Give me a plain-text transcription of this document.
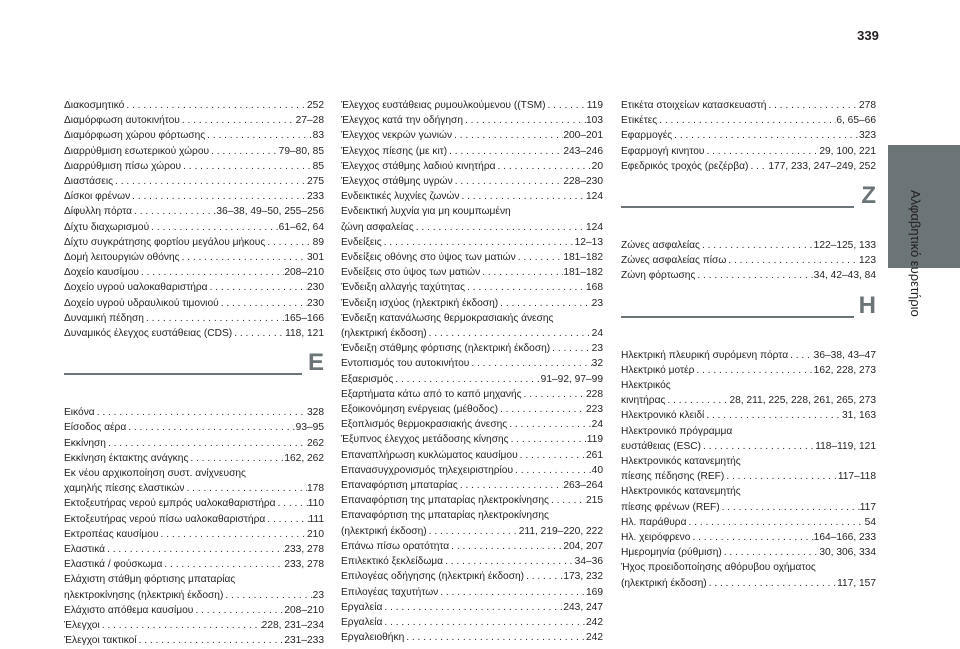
339
Αλφαβητικό ευρετήριο
Διακοσμητικό . . .	252
Διαμόρφωση αυτοκινήτου . . .	27–28
Διαμόρφωση χώρου φόρτωσης . . .	83
Διαρρύθμιση εσωτερικού χώρου . . .	79–80, 85
Διαρρύθμιση πίσω χώρου . . .	85
Διαστάσεις . . .	275
Δίσκοι φρένων . . .	233
Δίφυλλη πόρτα . . .	36–38, 49–50, 255–256
Δίχτυ διαχωρισμού . . .	61–62, 64
Δίχτυ συγκράτησης φορτίου μεγάλου μήκους . . .	89
Δομή λειτουργιών οθόνης . . .	301
Δοχείο καυσίμου . . .	208–210
Δοχείο υγρού υαλοκαθαριστήρα . . .	230
Δοχείο υγρού υδραυλικού τιμονιού . . .	230
Δυναμική πέδηση . . .	165–166
Δυναμικός έλεγχος ευστάθειας (CDS) . . .	118, 121
E
Εικόνα . . .	328
Είσοδος αέρα . . .	93–95
Εκκίνηση . . .	262
Εκκίνηση έκτακτης ανάγκης . . .	162, 262
Εκ νέου αρχικοποίηση συστ. ανίχνευσης
χαμηλής πίεσης ελαστικών . . .	178
Εκτοξευτήρας νερού εμπρός υαλοκαθαριστήρα . . .	110
Εκτοξευτήρας νερού πίσω υαλοκαθαριστήρα . . .	111
Εκτροπέας καυσίμου . . .	210
Ελαστικά . . .	233, 278
Ελαστικά / φούσκωμα . . .	233, 278
Ελάχιστη στάθμη φόρτισης μπαταρίας
ηλεκτροκίνησης (ηλεκτρική έκδοση) . . .	23
Ελάχιστο απόθεμα καυσίμου . . .	208–210
Έλεγχοι . . .	228, 231–234
Έλεγχοι τακτικοί . . .	231–233
Έλεγχος ευστάθειας ρυμουλκούμενου ((TSM) . . .	119
Έλεγχος κατά την οδήγηση . . .	103
Έλεγχος νεκρών γωνιών . . .	200–201
Έλεγχος πίεσης (με κιτ) . . .	243–246
Έλεγχος στάθμης λαδιού κινητήρα . . .	20
Έλεγχος στάθμης υγρών . . .	228–230
Ενδεικτικές λυχνίες ζωνών . . .	124
Ενδεικτική λυχνία για μη κουμπωμένη
ζώνη ασφαλείας . . .	124
Ενδείξεις . . .	12–13
Ενδείξεις οθόνης στο ύψος των ματιών . . .	181–182
Ενδείξεις στο ύψος των ματιών . . .	181–182
Ένδειξη αλλαγής ταχύτητας . . .	168
Ένδειξη ισχύος (ηλεκτρική έκδοση) . . .	23
Ένδειξη κατανάλωσης θερμοκρασιακής άνεσης
(ηλεκτρική έκδοση) . . .	24
Ένδειξη στάθμης φόρτισης (ηλεκτρική έκδοση) . . .	23
Εντοπισμός του αυτοκινήτου . . .	32
Εξαερισμός . . .	91–92, 97–99
Εξαρτήματα κάτω από το καπό μηχανής . . .	228
Εξοικονόμηση ενέργειας (μέθοδος) . . .	223
Εξοπλισμός θερμοκρασιακής άνεσης . . .	24
Έξυπνος έλεγχος μετάδοσης κίνησης . . .	119
Επαναπλήρωση κυκλώματος καυσίμου . . .	261
Επανασυγχρονισμός τηλεχειριστηρίου . . .	40
Επαναφόρτιση μπαταρίας . . .	263–264
Επαναφόρτιση της μπαταρίας ηλεκτροκίνησης . . .	215
Επαναφόρτιση της μπαταρίας ηλεκτροκίνησης
(ηλεκτρική έκδοση) . . .	211, 219–220, 222
Επάνω πίσω ορατότητα . . .	204, 207
Επιλεκτικό ξεκλείδωμα . . .	34–36
Επιλογέας οδήγησης (ηλεκτρική έκδοση) . . .	173, 232
Επιλογέας ταχυτήτων . . .	169
Εργαλεία . . .	243, 247
Εργαλεία . . .	242
Εργαλειοθήκη . . .	242
Ετικέτα στοιχείων κατασκευαστή . . .	278
Ετικέτες . . .	6, 65–66
Εφαρμογές . . .	323
Εφαρμογή κινητου . . .	29, 100, 221
Εφεδρικός τροχός (ρεζέρβα) . . . 177, 233, 247–249, 252
Z
Ζώνες ασφαλείας . . .	122–125, 133
Ζώνες ασφαλείας πίσω . . .	123
Ζώνη φόρτωσης . . .	34, 42–43, 84
H
Ηλεκτρική πλευρική συρόμενη πόρτα . . .	36–38, 43–47
Ηλεκτρικό μοτέρ . . .	162, 228, 273
Ηλεκτρικός
κινητήρας . . .	28, 211, 225, 228, 261, 265, 273
Ηλεκτρονικό κλειδί . . .	31, 163
Ηλεκτρονικό πρόγραμμα
ευστάθειας (ESC) . . .	118–119, 121
Ηλεκτρονικός κατανεμητής
πίεσης πέδησης (REF) . . .	117–118
Ηλεκτρονικός κατανεμητής
πίεσης φρένων (REF) . . .	117
Ηλ. παράθυρα . . .	54
Ηλ. χειρόφρενο . . .	164–166, 233
Ημερομηνία (ρύθμιση) . . .	30, 306, 334
Ήχος προειδοποίησης αθόρυβου οχήματος
(ηλεκτρική έκδοση) . . .	117, 157
